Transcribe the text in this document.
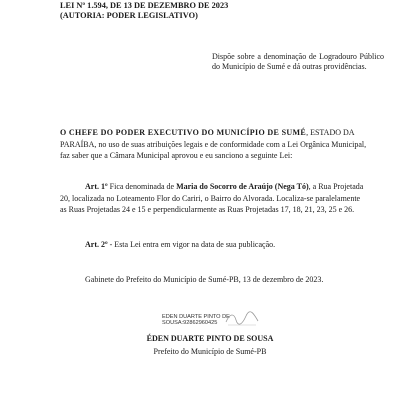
LEI Nº 1.594, DE 13 DE DEZEMBRO DE 2023
(AUTORIA: PODER LEGISLATIVO)
Dispõe sobre a denominação de Logradouro Público do Município de Sumé e dá outras providências.
O CHEFE DO PODER EXECUTIVO DO MUNICÍPIO DE SUMÉ, ESTADO DA
PARAÍBA, no uso de suas atribuições legais e de conformidade com a Lei Orgânica Municipal,
faz saber que a Câmara Municipal aprovou e eu sanciono a seguinte Lei:
Art. 1º Fica denominada de Maria do Socorro de Araújo (Nega Tó), a Rua Projetada
20, localizada no Loteamento Flor do Cariri, o Bairro do Alvorada. Localiza-se paralelamente
as Ruas Projetadas 24 e 15 e perpendicularmente as Ruas Projetadas 17, 18, 21, 23, 25 e 26.
Art. 2º - Esta Lei entra em vigor na data de sua publicação.
Gabinete do Prefeito do Município de Sumé-PB, 13 de dezembro de 2023.
EDEN DUARTE PINTO DE
SOUSA:92862960425
ÉDEN DUARTE PINTO DE SOUSA
Prefeito do Município de Sumé-PB
